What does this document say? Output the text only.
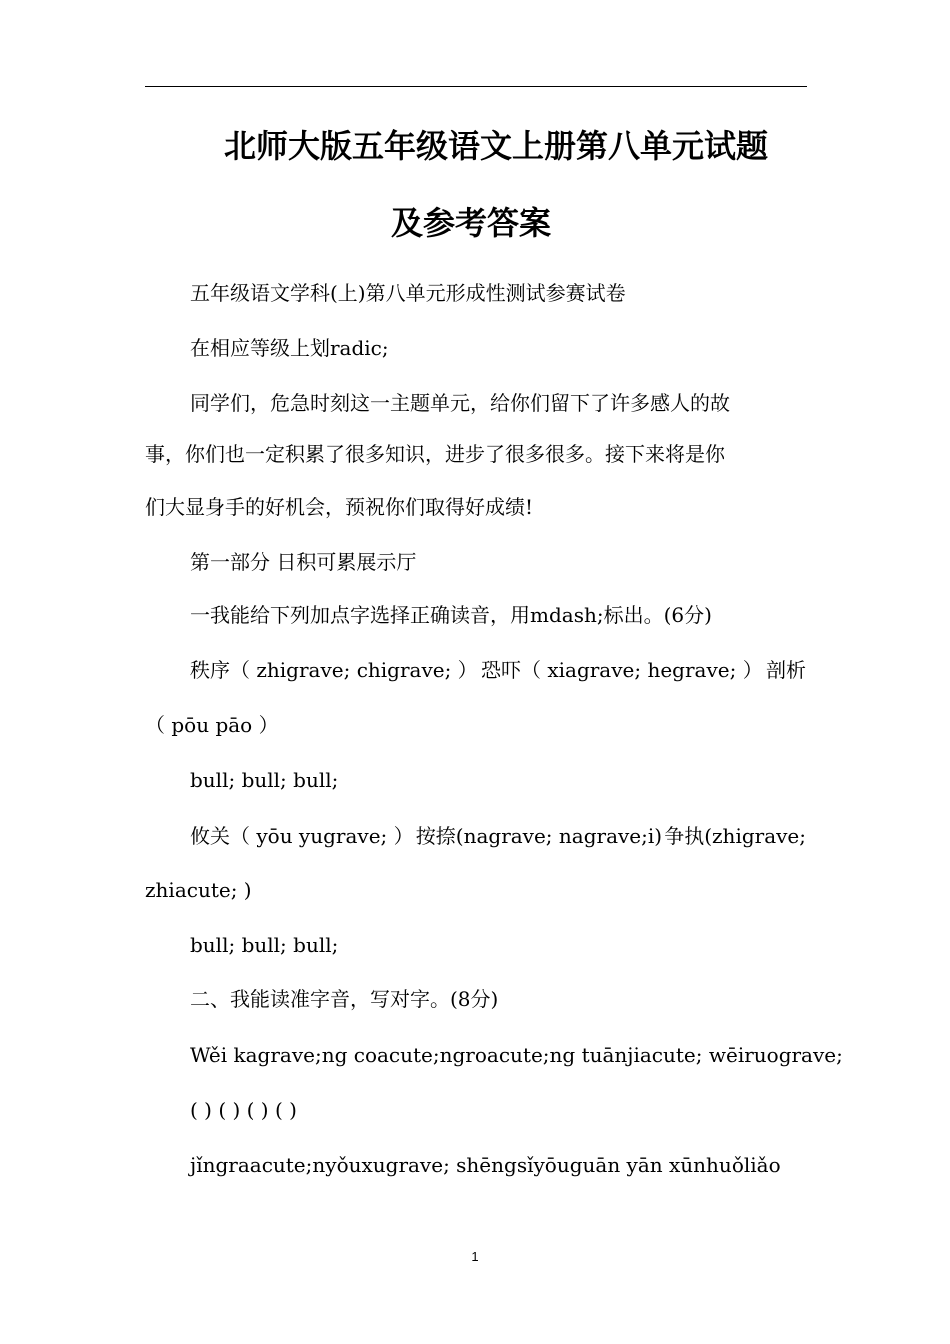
北师大版五年级语文上册第八单元试题
及参考答案
五年级语文学科(上)第八单元形成性测试参赛试卷
在相应等级上划radic;
同学们，危急时刻这一主题单元，给你们留下了许多感人的故
事，你们也一定积累了很多知识，进步了很多很多。接下来将是你
们大显身手的好机会，预祝你们取得好成绩!
第一部分 日积可累展示厅
一我能给下列加点字选择正确读音，用mdash;标出。(6分)
秩序（ zhigrave; chigrave; ） 恐吓（ xiagrave; hegrave; ） 剖析
（ pōu pāo ）
bull; bull; bull;
攸关（ yōu yugrave; ） 按捺(nagrave; nagrave;i) 争执(zhigrave;
zhiacute; )
bull; bull; bull;
二、我能读准字音，写对字。(8分)
Wěi kagrave;ng coacute;ngroacute;ng tuānjiacute; wēiruograve;
( ) ( ) ( ) ( )
jǐngraacute;nyǒuxugrave; shēngsǐyōuguān yān xūnhuǒliǎo
1
